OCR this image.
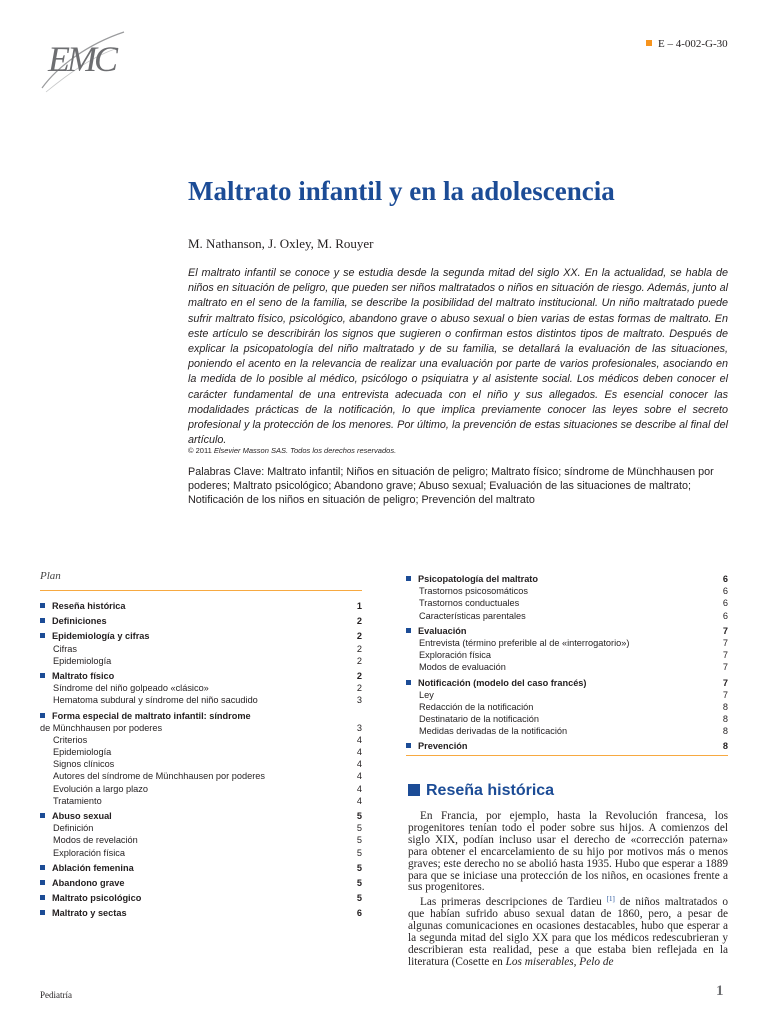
EMC	E – 4-002-G-30
Maltrato infantil y en la adolescencia
M. Nathanson, J. Oxley, M. Rouyer
El maltrato infantil se conoce y se estudia desde la segunda mitad del siglo XX. En la actualidad, se habla de niños en situación de peligro, que pueden ser niños maltratados o niños en situación de riesgo. Además, junto al maltrato en el seno de la familia, se describe la posibilidad del maltrato institucional. Un niño maltratado puede sufrir maltrato físico, psicológico, abandono grave o abuso sexual o bien varias de estas formas de maltrato. En este artículo se describirán los signos que sugieren o confirman estos distintos tipos de maltrato. Después de explicar la psicopatología del niño maltratado y de su familia, se detallará la evaluación de las situaciones, poniendo el acento en la relevancia de realizar una evaluación por parte de varios profesionales, asociando en la medida de lo posible al médico, psicólogo o psiquiatra y al asistente social. Los médicos deben conocer el carácter fundamental de una entrevista adecuada con el niño y sus allegados. Es esencial conocer las modalidades prácticas de la notificación, lo que implica previamente conocer las leyes sobre el secreto profesional y la protección de los menores. Por último, la prevención de estas situaciones se describe al final del artículo.
© 2011 Elsevier Masson SAS. Todos los derechos reservados.
Palabras Clave: Maltrato infantil; Niños en situación de peligro; Maltrato físico; síndrome de Münchhausen por poderes; Maltrato psicológico; Abandono grave; Abuso sexual; Evaluación de las situaciones de maltrato; Notificación de los niños en situación de peligro; Prevención del maltrato
Plan
Reseña histórica	1
Definiciones	2
Epidemiología y cifras	2
Cifras	2
Epidemiología	2
Maltrato físico	2
Síndrome del niño golpeado «clásico»	2
Hematoma subdural y síndrome del niño sacudido	3
Forma especial de maltrato infantil: síndrome
de Münchhausen por poderes	3
Criterios	4
Epidemiología	4
Signos clínicos	4
Autores del síndrome de Münchhausen por poderes	4
Evolución a largo plazo	4
Tratamiento	4
Abuso sexual	5
Definición	5
Modos de revelación	5
Exploración física	5
Ablación femenina	5
Abandono grave	5
Maltrato psicológico	5
Maltrato y sectas	6
Psicopatología del maltrato	6
Trastornos psicosomáticos	6
Trastornos conductuales	6
Características parentales	6
Evaluación	7
Entrevista (término preferible al de «interrogatorio»)	7
Exploración física	7
Modos de evaluación	7
Notificación (modelo del caso francés)	7
Ley	7
Redacción de la notificación	8
Destinatario de la notificación	8
Medidas derivadas de la notificación	8
Prevención	8
Reseña histórica

En Francia, por ejemplo, hasta la Revolución francesa, los progenitores tenían todo el poder sobre sus hijos. A comienzos del siglo XIX, podían incluso usar el derecho de «corrección paterna» para obtener el encarcelamiento de su hijo por motivos más o menos graves; este derecho no se abolió hasta 1935. Hubo que esperar a 1889 para que se iniciase una protección de los niños, en ocasiones frente a sus progenitores.

Las primeras descripciones de Tardieu [1] de niños maltratados o que habían sufrido abuso sexual datan de 1860, pero, a pesar de algunas comunicaciones en ocasiones destacables, hubo que esperar a la segunda mitad del siglo XX para que los médicos redescubrieran y describieran esta realidad, pese a que estaba bien reflejada en la literatura (Cosette en Los miserables, Pelo de

Pediatría	1
